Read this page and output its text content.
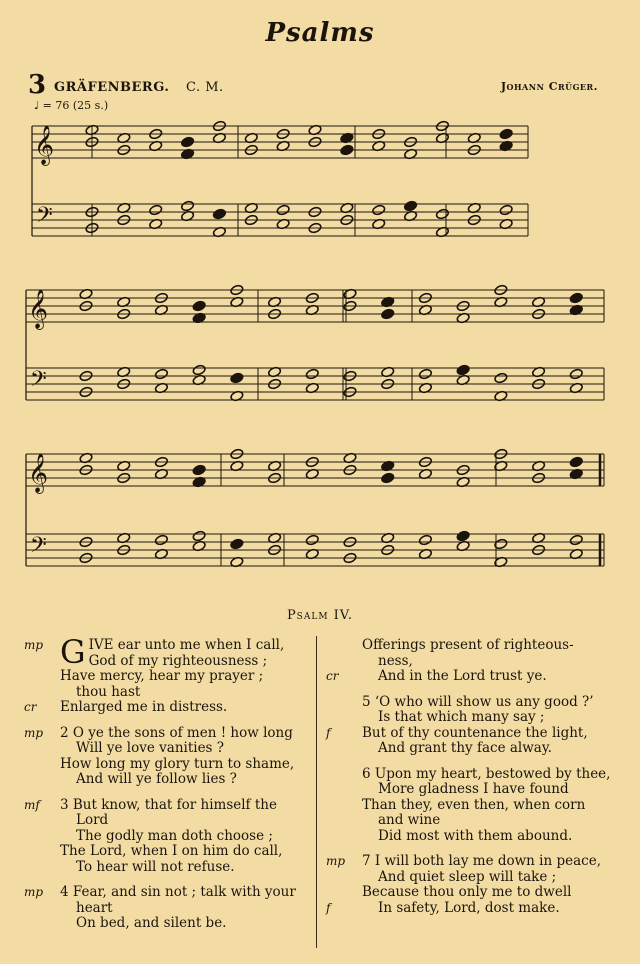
Psalms
3 GRÄFENBERG. C. M.	Johann Crüger.
♩ = 76 (25 s.)
𝄞
𝄢
𝄞
𝄢
𝄞
𝄢
Psalm IV.
mp GIVE ear unto me when I call,
God of my righteousness ;
Have mercy, hear my prayer ;
thou hast
cr	Enlarged me in distress.
mp	2 O ye the sons of men ! how long
Will ye love vanities ?
How long my glory turn to shame,
And will ye follow lies ?
mf	3 But know, that for himself the
Lord
The godly man doth choose ;
The Lord, when I on him do call,
To hear will not refuse.
mp	4 Fear, and sin not ; talk with your
heart
On bed, and silent be.
Offerings present of righteous-
ness,
cr	And in the Lord trust ye.
5 ‘O who will show us any good ?’
Is that which many say ;
f	But of thy countenance the light,
And grant thy face alway.
6 Upon my heart, bestowed by thee,
More gladness I have found
Than they, even then, when corn
and wine
Did most with them abound.
mp	7 I will both lay me down in peace,
And quiet sleep will take ;
Because thou only me to dwell
f	In safety, Lord, dost make.
